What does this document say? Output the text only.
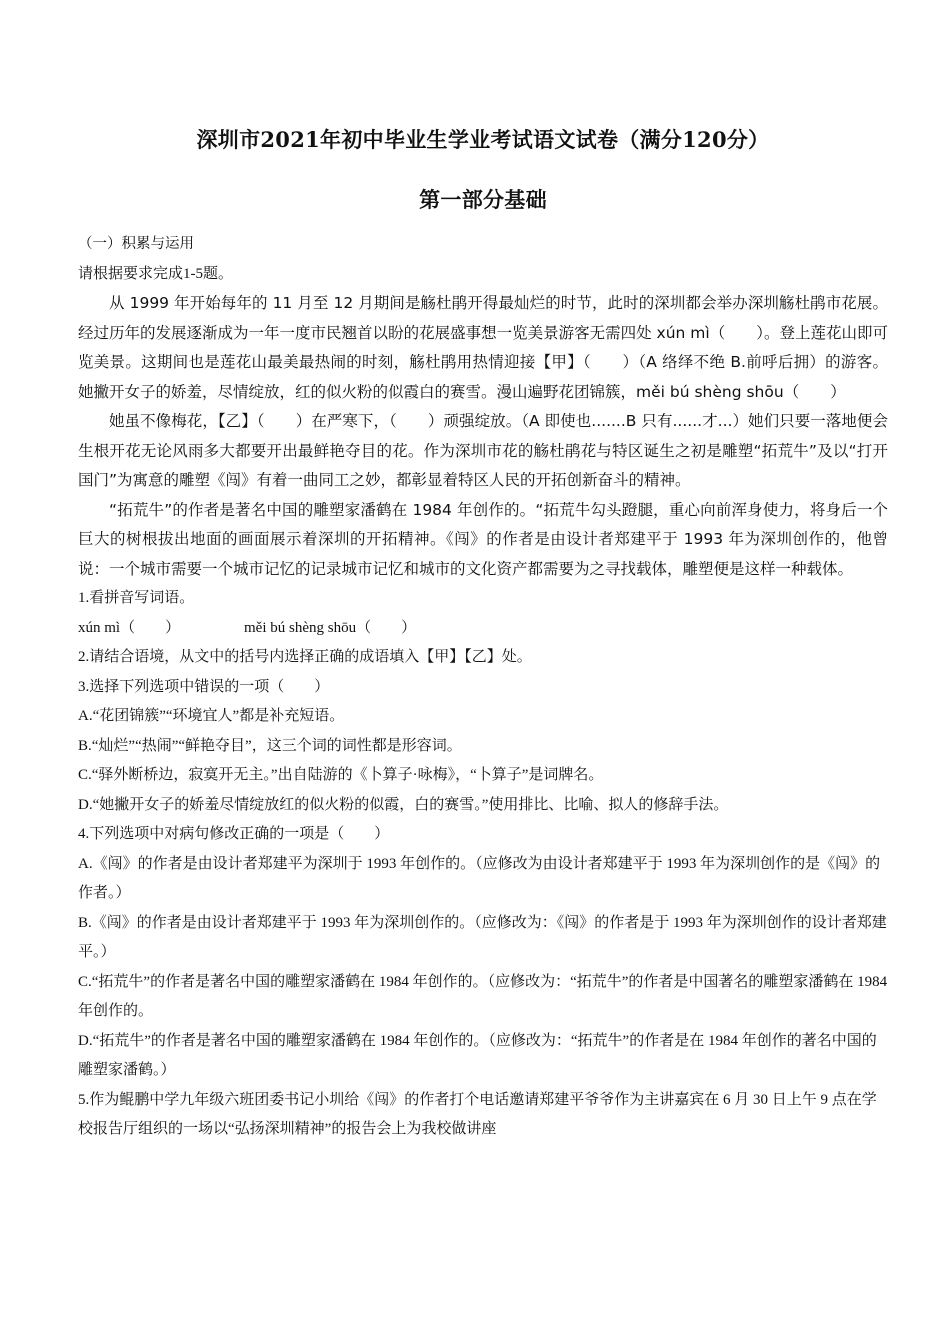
深圳市2021年初中毕业生学业考试语文试卷（满分120分）
第一部分基础

（一）积累与运用

请根据要求完成1-5题。

从 1999 年开始每年的 11 月至 12 月期间是觞杜鹃开得最灿烂的时节，此时的深圳都会举办深圳觞杜鹃市花展。经过历年的发展逐渐成为一年一度市民翘首以盼的花展盛事想一览美景游客无需四处 xún mì（　　）。登上莲花山即可览美景。这期间也是莲花山最美最热闹的时刻，觞杜鹃用热情迎接【甲】（　　）（A 络绎不绝 B.前呼后拥）的游客。她撇开女子的娇羞，尽情绽放，红的似火粉的似霞白的赛雪。漫山遍野花团锦簇，měi bú shèng shōu（　　）

她虽不像梅花，【乙】（　　）在严寒下，（　　）顽强绽放。（A 即使也.......B 只有......才...）她们只要一落地便会生根开花无论风雨多大都要开出最鲜艳夺目的花。作为深圳市花的觞杜鹃花与特区诞生之初是雕塑“拓荒牛”及以“打开国门”为寓意的雕塑《闯》有着一曲同工之妙，都彰显着特区人民的开拓创新奋斗的精神。

“拓荒牛”的作者是著名中国的雕塑家潘鹤在 1984 年创作的。“拓荒牛勾头蹬腿，重心向前浑身使力，将身后一个巨大的树根拔出地面的画面展示着深圳的开拓精神。《闯》的作者是由设计者郑建平于 1993 年为深圳创作的，他曾说：一个城市需要一个城市记忆的记录城市记忆和城市的文化资产都需要为之寻找载体，雕塑便是这样一种载体。

1.看拼音写词语。

xún mì（　　）	měi bú shèng shōu（　　）

2.请结合语境，从文中的括号内选择正确的成语填入【甲】【乙】处。

3.选择下列选项中错误的一项（　　）

A.“花团锦簇”“环境宜人”都是补充短语。

B.“灿烂”“热闹”“鲜艳夺目”，这三个词的词性都是形容词。

C.“驿外断桥边，寂寞开无主。”出自陆游的《卜算子·咏梅》，“卜算子”是词牌名。

D.“她撇开女子的娇羞尽情绽放红的似火粉的似霞，白的赛雪。”使用排比、比喻、拟人的修辞手法。

4.下列选项中对病句修改正确的一项是（　　）

A.《闯》的作者是由设计者郑建平为深圳于 1993 年创作的。（应修改为由设计者郑建平于 1993 年为深圳创作的是《闯》的作者。）

B.《闯》的作者是由设计者郑建平于 1993 年为深圳创作的。（应修改为：《闯》的作者是于 1993 年为深圳创作的设计者郑建平。）

C.“拓荒牛”的作者是著名中国的雕塑家潘鹤在 1984 年创作的。（应修改为：“拓荒牛”的作者是中国著名的雕塑家潘鹤在 1984 年创作的。

D.“拓荒牛”的作者是著名中国的雕塑家潘鹤在 1984 年创作的。（应修改为：“拓荒牛”的作者是在 1984 年创作的著名中国的雕塑家潘鹤。）

5.作为鲲鹏中学九年级六班团委书记小圳给《闯》的作者打个电话邀请郑建平爷爷作为主讲嘉宾在 6 月 30 日上午 9 点在学校报告厅组织的一场以“弘扬深圳精神”的报告会上为我校做讲座
